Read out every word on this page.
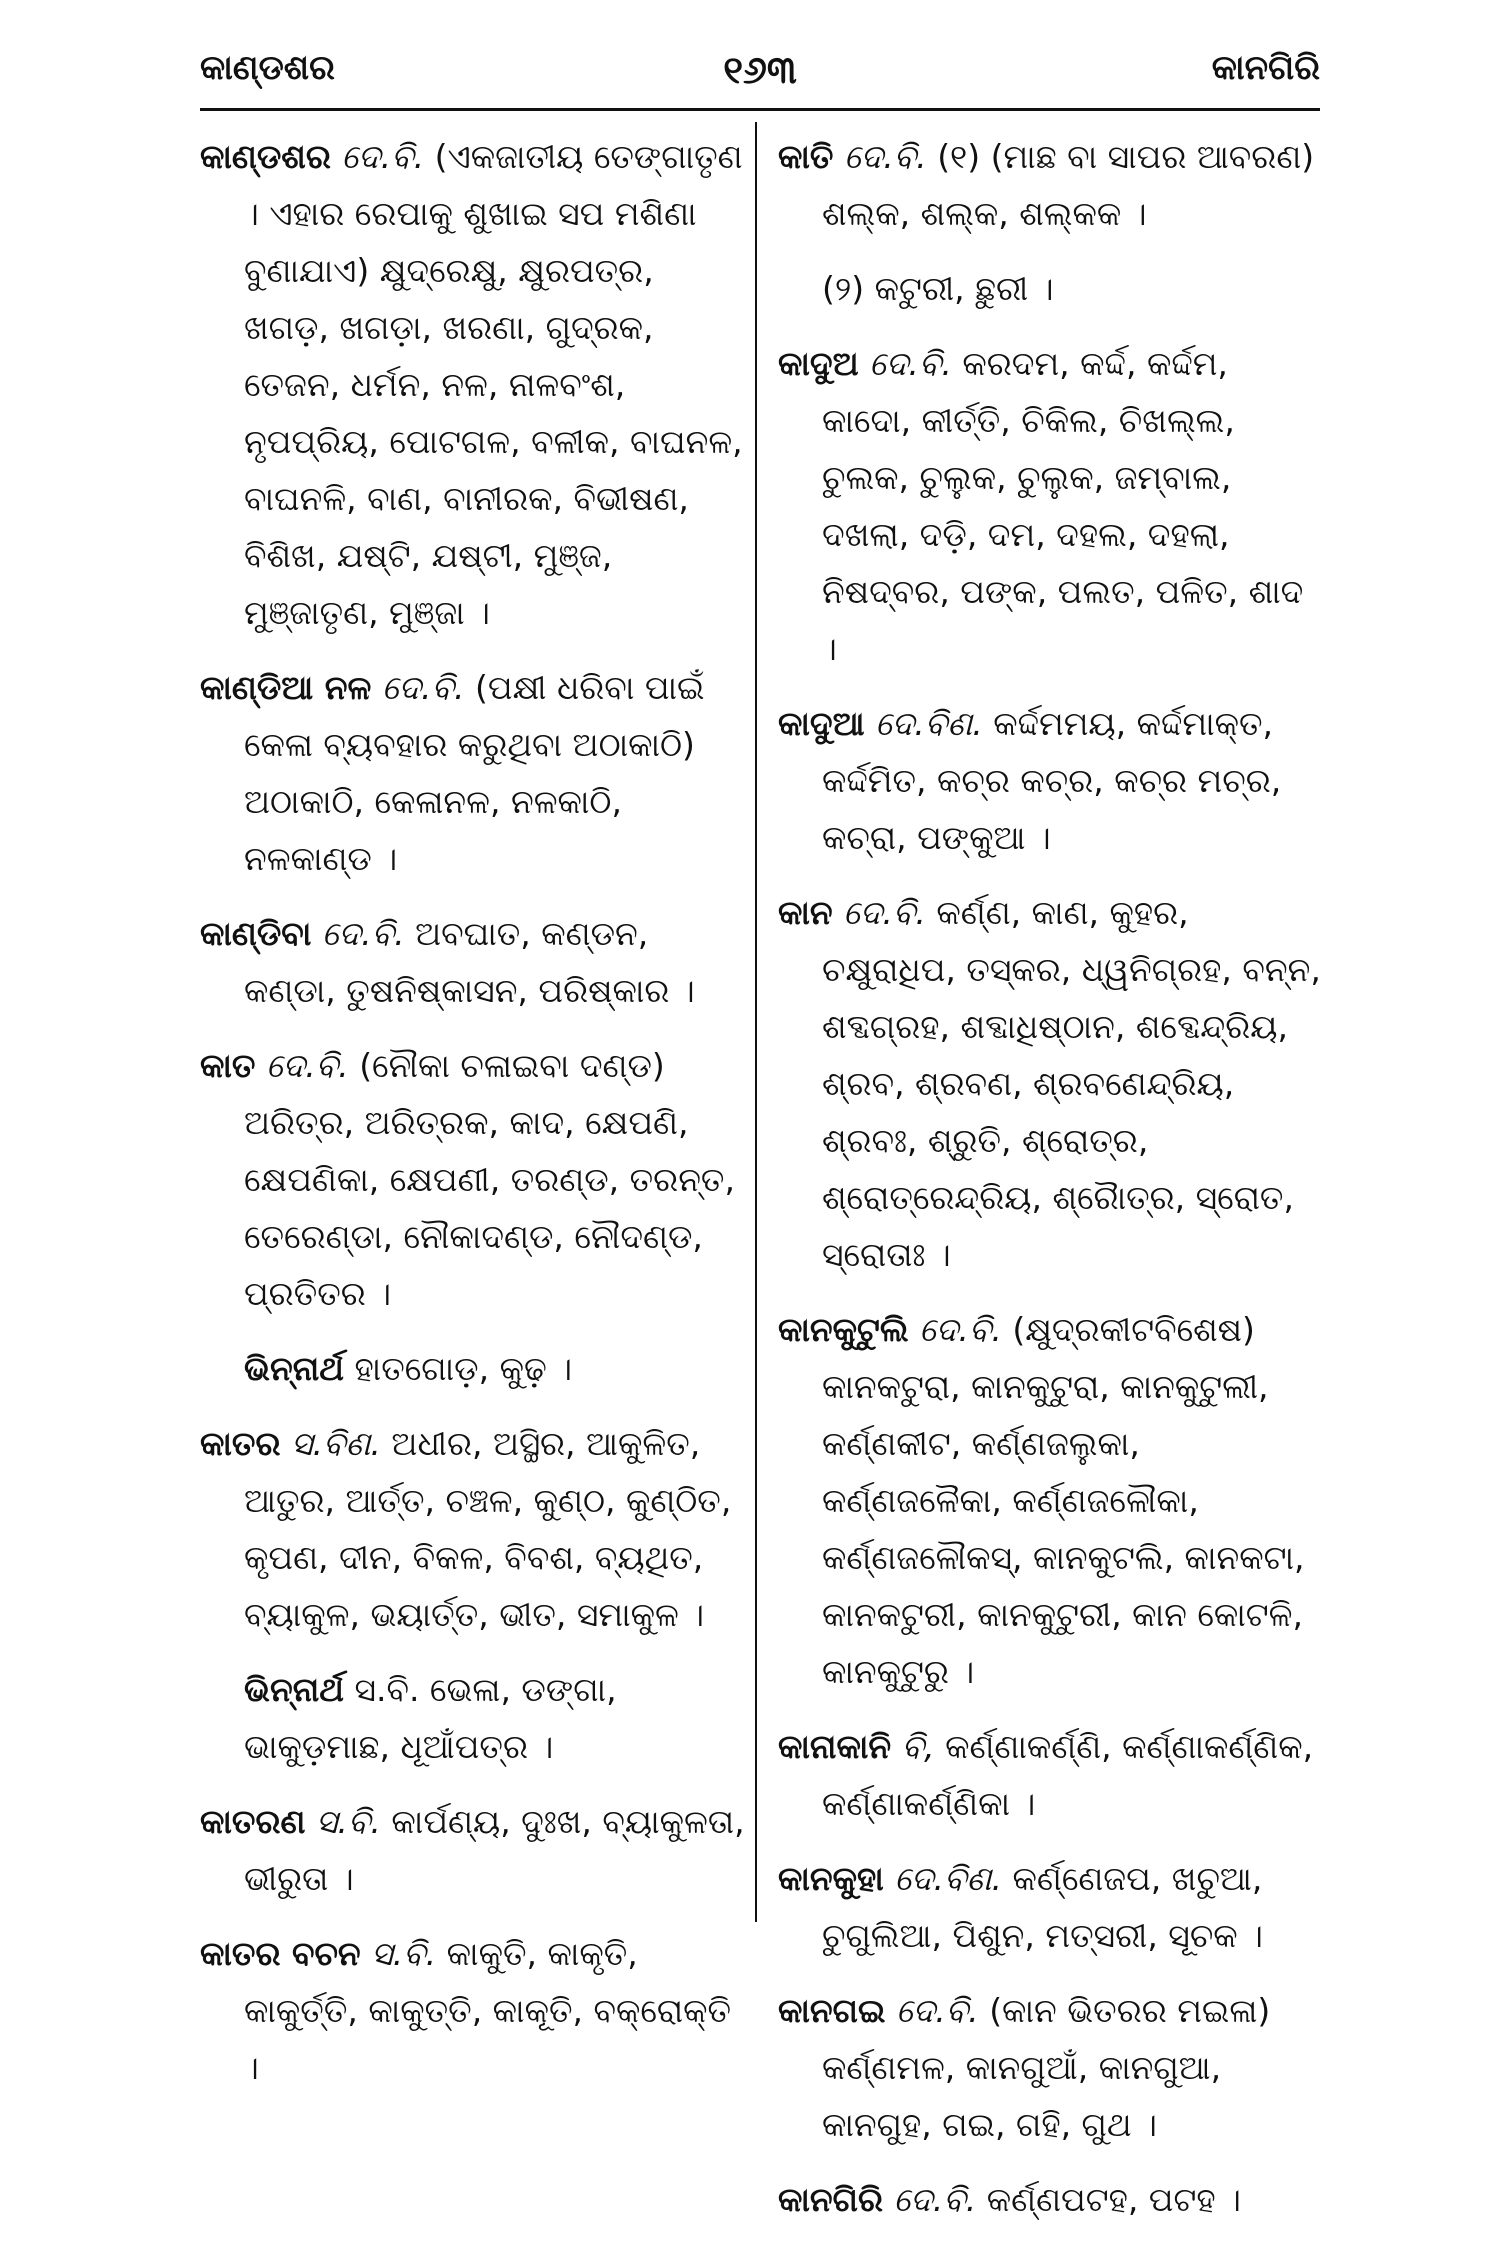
କାଣ୍ଡଶର	୧୬୩	କାନଗିରି

କାଣ୍ଡଶର ଦେ.ବି. (ଏକଜାତୀୟ ତେଙ୍ଗାତୃଣ । ଏହାର ରେପାକୁ ଶୁଖାଇ ସପ ମଶିଣା ବୁଣାଯାଏ) କ୍ଷୁଦ୍ରେକ୍ଷୁ, କ୍ଷୁରପତ୍ର, ଖଗଡ଼, ଖଗଡ଼ା, ଖରଣା, ଗୁଦ୍ରକ, ତେଜନ, ଧର୍ମନ, ନଳ, ନାଳବଂଶ, ନୃପପ୍ରିୟ, ପୋଟଗଳ, ବଳୀକ, ବାଘନଳ, ବାଘନଳି, ବାଣ, ବାନୀରକ, ବିଭୀଷଣ, ବିଶିଖ, ଯଷ୍ଟି, ଯଷ୍ଟୀ, ମୁଞ୍ଜ, ମୁଞ୍ଜାତୃଣ, ମୁଞ୍ଜା ।

କାଣ୍ଡିଆ ନଳ ଦେ.ବି. (ପକ୍ଷୀ ଧରିବା ପାଇଁ କେଳା ବ୍ୟବହାର କରୁଥିବା ଅଠାକାଠି) ଅଠାକାଠି, କେଳାନଳ, ନଳକାଠି, ନଳକାଣ୍ଡ ।

କାଣ୍ଡିବା ଦେ.ବି. ଅବଘାତ, କଣ୍ଡନ, କଣ୍ଡା, ତୁଷନିଷ୍କାସନ, ପରିଷ୍କାର ।

କାତ ଦେ.ବି. (ନୌକା ଚଳାଇବା ଦଣ୍ଡ) ଅରିତ୍ର, ଅରିତ୍ରକ, କାଦ, କ୍ଷେପଣି, କ୍ଷେପଣିକା, କ୍ଷେପଣୀ, ତରଣ୍ଡ, ତରନ୍ତ, ତେରେଣ୍ଡା, ନୌକାଦଣ୍ଡ, ନୌଦଣ୍ଡ, ପ୍ରତିତର ।

ଭିନ୍ନାର୍ଥ ହାତଗୋଡ଼, କୁଢ଼ ।

କାତର ସ.ବିଣ. ଅଧୀର, ଅସ୍ଥିର, ଆକୁଳିତ, ଆତୁର, ଆର୍ତ୍ତ, ଚଞ୍ଚଳ, କୁଣ୍ଠ, କୁଣ୍ଠିତ, କୃପଣ, ଦୀନ, ବିକଳ, ବିବଶ, ବ୍ୟଥିତ, ବ୍ୟାକୁଳ, ଭୟାର୍ତ୍ତ, ଭୀତ, ସମାକୁଳ ।

ଭିନ୍ନାର୍ଥ ସ.ବି. ଭେଳା, ଡଙ୍ଗା, ଭାକୁଡ଼ମାଛ, ଧୂଆଁପତ୍ର ।

କାତରଣ ସ.ବି. କାର୍ପଣ୍ୟ, ଦୁଃଖ, ବ୍ୟାକୁଳତା, ଭୀରୁତା ।

କାତର ବଚନ ସ.ବି. କାକୁତି, କାକୃତି, କାକୁର୍ତ୍ତି, କାକୁତ୍ତି, କାକୂତି, ବକ୍ରୋକ୍ତି ।

କାତି ଦେ.ବି. (୧) (ମାଛ ବା ସାପର ଆବରଣ) ଶଲ୍କ, ଶଲ୍କ, ଶଲ୍କକ ।

(୨) କଟୁରୀ, ଛୁରୀ ।

କାଦୁଅ ଦେ.ବି. କରଦମ, କର୍ଦ୍ଦ, କର୍ଦ୍ଦମ, କାଦୋ, କୀର୍ତ୍ତି, ଚିକିଲ, ଚିଖଲ୍ଲ, ଚୁଲକ, ଚୁଲୁକ, ଚୁଲୁକ, ଜମ୍ବାଲ, ଦଖଲା, ଦଡ଼ି, ଦମ, ଦହଲ, ଦହଲା, ନିଷଦ୍ବର, ପଙ୍କ, ପଲତ, ପଳିତ, ଶାଦ ।

କାଦୁଆ ଦେ.ବିଣ. କର୍ଦ୍ଦମମୟ, କର୍ଦ୍ଦମାକ୍ତ, କର୍ଦ୍ଦମିତ, କଚ୍‌ର କଚ୍‌ର, କଚ୍‌ର ମଚ୍‌ର, କଚ୍‌ରା, ପଙ୍କୁଆ ।

କାନ ଦେ.ବି. କର୍ଣ୍ଣ, କାଣ, କୁହର, ଚକ୍ଷୁରାଧିପ, ତସ୍କର, ଧ୍ୱନିଗ୍ରହ, ବନ୍ନ, ଶବ୍ଦଗ୍ରହ, ଶବ୍ଦାଧିଷ୍ଠାନ, ଶବ୍ଦେନ୍ଦ୍ରିୟ, ଶ୍ରବ, ଶ୍ରବଣ, ଶ୍ରବଣେନ୍ଦ୍ରିୟ, ଶ୍ରବଃ, ଶ୍ରୁତି, ଶ୍ରୋତ୍ର, ଶ୍ରୋତ୍ରେନ୍ଦ୍ରିୟ, ଶ୍ରୈାତ୍ର, ସ୍ରୋତ, ସ୍ରୋତାଃ ।

କାନକୁଟୁଲି ଦେ.ବି. (କ୍ଷୁଦ୍ରକୀଟବିଶେଷ) କାନକଟୁରା, କାନକୁଟୁରା, କାନକୁଟୁଲୀ, କର୍ଣ୍ଣକୀଟ, କର୍ଣ୍ଣଜଲୁକା, କର୍ଣ୍ଣଜଳୈକା, କର୍ଣ୍ଣଜଳୌକା, କର୍ଣ୍ଣଜଳୌକସ୍, କାନକୁଟଲି, କାନକଟା, କାନକଟୁରୀ, କାନକୁଟୁରୀ, କାନ କୋଟଳି, କାନକୁଟୁରୁ ।

କାନାକାନି ବି, କର୍ଣ୍ଣାକର୍ଣ୍ଣି, କର୍ଣ୍ଣାକର୍ଣ୍ଣିକ, କର୍ଣ୍ଣାକର୍ଣ୍ଣିକା ।

କାନକୁହା ଦେ.ବିଣ. କର୍ଣ୍ଣେଜପ, ଖଚୁଆ, ଚୁଗୁଲିଆ, ପିଶୁନ, ମତ୍ସରୀ, ସୂଚକ ।

କାନଗଇ ଦେ.ବି. (କାନ ଭିତରର ମଇଳା) କର୍ଣ୍ଣମଳ, କାନଗୁଆଁ, କାନଗୁଆ, କାନଗୁହ, ଗଇ, ଗହି, ଗୁଥ ।

କାନଗିରି ଦେ.ବି. କର୍ଣ୍ଣପଟହ, ପଟହ ।
